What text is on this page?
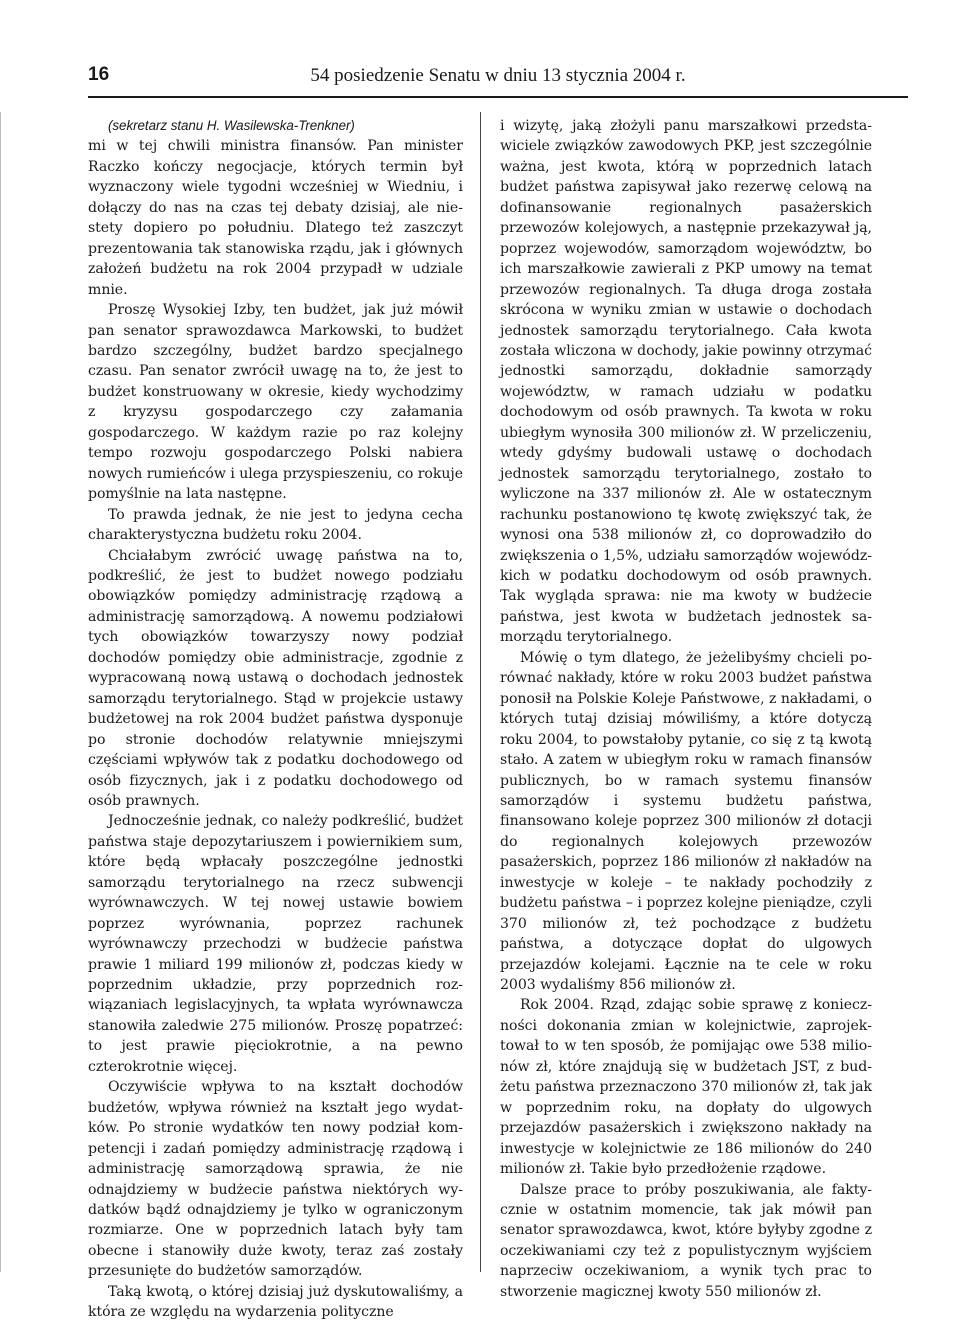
16	54 posiedzenie Senatu w dniu 13 stycznia 2004 r.

(sekretarz stanu H. Wasilewska-Trenkner)

mi w tej chwili ministra finansów. Pan minister Raczko kończy negocjacje, których termin był wyznaczony wiele tygodni wcześniej w Wiedniu, i dołączy do nas na czas tej debaty dzisiaj, ale niestety dopiero po południu. Dlatego też zaszczyt prezentowania tak stanowiska rządu, jak i głównych założeń budżetu na rok 2004 przypadł w udziale mnie.

Proszę Wysokiej Izby, ten budżet, jak już mówił pan senator sprawozdawca Markowski, to budżet bardzo szczególny, budżet bardzo specjalnego czasu. Pan senator zwrócił uwagę na to, że jest to budżet konstruowany w okresie, kiedy wychodzimy z kryzysu gospodarczego czy załamania gospodarczego. W każdym razie po raz kolejny tempo rozwoju gospodarczego Polski nabiera nowych rumieńców i ulega przyspieszeniu, co rokuje pomyślnie na lata następne.

To prawda jednak, że nie jest to jedyna cecha charakterystyczna budżetu roku 2004.

Chciałabym zwrócić uwagę państwa na to, podkreślić, że jest to budżet nowego podziału obowiązków pomiędzy administrację rządową a administrację samorządową. A nowemu podziałowi tych obowiązków towarzyszy nowy podział dochodów pomiędzy obie administracje, zgodnie z wypracowaną nową ustawą o dochodach jednostek samorządu terytorialnego. Stąd w projekcie ustawy budżetowej na rok 2004 budżet państwa dysponuje po stronie dochodów relatywnie mniejszymi częściami wpływów tak z podatku dochodowego od osób fizycznych, jak i z podatku dochodowego od osób prawnych.

Jednocześnie jednak, co należy podkreślić, budżet państwa staje depozytariuszem i powiernikiem sum, które będą wpłacały poszczególne jednostki samorządu terytorialnego na rzecz subwencji wyrównawczych. W tej nowej ustawie bowiem poprzez wyrównania, poprzez rachunek wyrównawczy przechodzi w budżecie państwa prawie 1 miliard 199 milionów zł, podczas kiedy w poprzednim układzie, przy poprzednich rozwiązaniach legislacyjnych, ta wpłata wyrównawcza stanowiła zaledwie 275 milionów. Proszę popatrzeć: to jest prawie pięciokrotnie, a na pewno czterokrotnie więcej.

Oczywiście wpływa to na kształt dochodów budżetów, wpływa również na kształt jego wydatków. Po stronie wydatków ten nowy podział kompetencji i zadań pomiędzy administrację rządową i administrację samorządową sprawia, że nie odnajdziemy w budżecie państwa niektórych wydatków bądź odnajdziemy je tylko w ograniczonym rozmiarze. One w poprzednich latach były tam obecne i stanowiły duże kwoty, teraz zaś zostały przesunięte do budżetów samorządów.

Taką kwotą, o której dzisiaj już dyskutowaliśmy, a która ze względu na wydarzenia polityczne

i wizytę, jaką złożyli panu marszałkowi przedstawiciele związków zawodowych PKP, jest szczególnie ważna, jest kwota, którą w poprzednich latach budżet państwa zapisywał jako rezerwę celową na dofinansowanie regionalnych pasażerskich przewozów kolejowych, a następnie przekazywał ją, poprzez wojewodów, samorządom województw, bo ich marszałkowie zawierali z PKP umowy na temat przewozów regionalnych. Ta długa droga została skrócona w wyniku zmian w ustawie o dochodach jednostek samorządu terytorialnego. Cała kwota została wliczona w dochody, jakie powinny otrzymać jednostki samorządu, dokładnie samorządy województw, w ramach udziału w podatku dochodowym od osób prawnych. Ta kwota w roku ubiegłym wynosiła 300 milionów zł. W przeliczeniu, wtedy gdyśmy budowali ustawę o dochodach jednostek samorządu terytorialnego, zostało to wyliczone na 337 milionów zł. Ale w ostatecznym rachunku postanowiono tę kwotę zwiększyć tak, że wynosi ona 538 milionów zł, co doprowadziło do zwiększenia o 1,5%, udziału samorządów wojewódzkich w podatku dochodowym od osób prawnych. Tak wygląda sprawa: nie ma kwoty w budżecie państwa, jest kwota w budżetach jednostek samorządu terytorialnego.

Mówię o tym dlatego, że jeżelibyśmy chcieli porównać nakłady, które w roku 2003 budżet państwa ponosił na Polskie Koleje Państwowe, z nakładami, o których tutaj dzisiaj mówiliśmy, a które dotyczą roku 2004, to powstałoby pytanie, co się z tą kwotą stało. A zatem w ubiegłym roku w ramach finansów publicznych, bo w ramach systemu finansów samorządów i systemu budżetu państwa, finansowano koleje poprzez 300 milionów zł dotacji do regionalnych kolejowych przewozów pasażerskich, poprzez 186 milionów zł nakładów na inwestycje w koleje – te nakłady pochodziły z budżetu państwa – i poprzez kolejne pieniądze, czyli 370 milionów zł, też pochodzące z budżetu państwa, a dotyczące dopłat do ulgowych przejazdów kolejami. Łącznie na te cele w roku 2003 wydaliśmy 856 milionów zł.

Rok 2004. Rząd, zdając sobie sprawę z konieczności dokonania zmian w kolejnictwie, zaprojektował to w ten sposób, że pomijając owe 538 milionów zł, które znajdują się w budżetach JST, z budżetu państwa przeznaczono 370 milionów zł, tak jak w poprzednim roku, na dopłaty do ulgowych przejazdów pasażerskich i zwiększono nakłady na inwestycje w kolejnictwie ze 186 milionów do 240 milionów zł. Takie było przedłożenie rządowe.

Dalsze prace to próby poszukiwania, ale faktycznie w ostatnim momencie, tak jak mówił pan senator sprawozdawca, kwot, które byłyby zgodne z oczekiwaniami czy też z populistycznym wyjściem naprzeciw oczekiwaniom, a wynik tych prac to stworzenie magicznej kwoty 550 milionów zł.
